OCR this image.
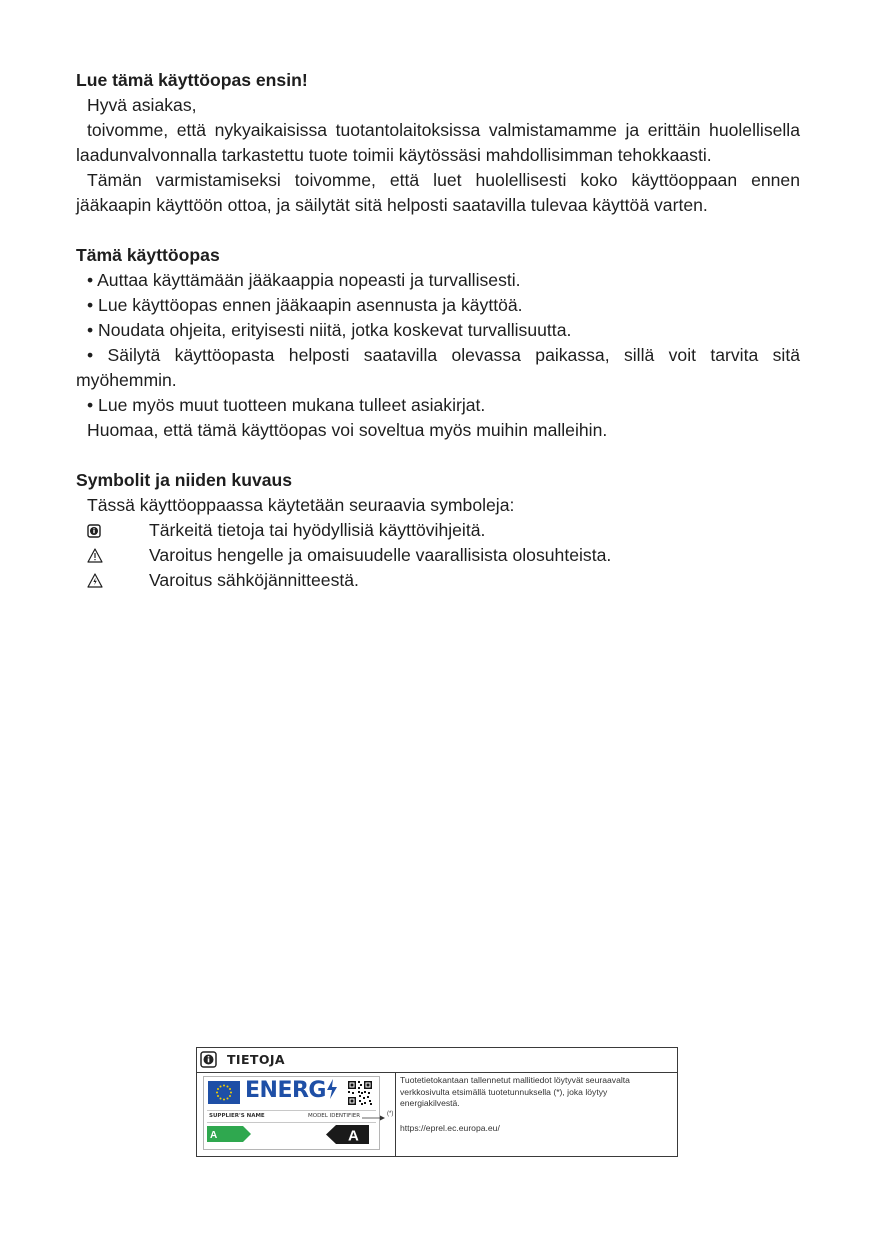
Lue tämä käyttöopas ensin!

Hyvä asiakas,

toivomme, että nykyaikaisissa tuotantolaitoksissa valmistamamme ja erittäin huolellisella laadunvalvonnalla tarkastettu tuote toimii käytössäsi mahdollisimman tehokkaasti.

Tämän varmistamiseksi toivomme, että luet huolellisesti koko käyttöoppaan ennen jääkaapin käyttöön ottoa, ja säilytät sitä helposti saatavilla tulevaa käyttöä varten.

Tämä käyttöopas

• Auttaa käyttämään jääkaappia nopeasti ja turvallisesti.

• Lue käyttöopas ennen jääkaapin asennusta ja käyttöä.

• Noudata ohjeita, erityisesti niitä, jotka koskevat turvallisuutta.

• Säilytä käyttöopasta helposti saatavilla olevassa paikassa, sillä voit tarvita sitä myöhemmin.

• Lue myös muut tuotteen mukana tulleet asiakirjat.

Huomaa, että tämä käyttöopas voi soveltua myös muihin malleihin.

Symbolit ja niiden kuvaus

Tässä käyttöoppaassa käytetään seuraavia symboleja:

Tärkeitä tietoja tai hyödyllisiä käyttövihjeitä.
Varoitus hengelle ja omaisuudelle vaarallisista olosuhteista.
Varoitus sähköjännitteestä.
TIETOJA
ENERG
SUPPLIER'S NAME	MODEL IDENTIFIER
A	A
(*)
Tuotetietokantaan tallennetut mallitiedot löytyvät seuraavalta verkkosivulta etsimällä tuotetunnuksella (*), joka löytyy energiakilvestä.
https://eprel.ec.europa.eu/
